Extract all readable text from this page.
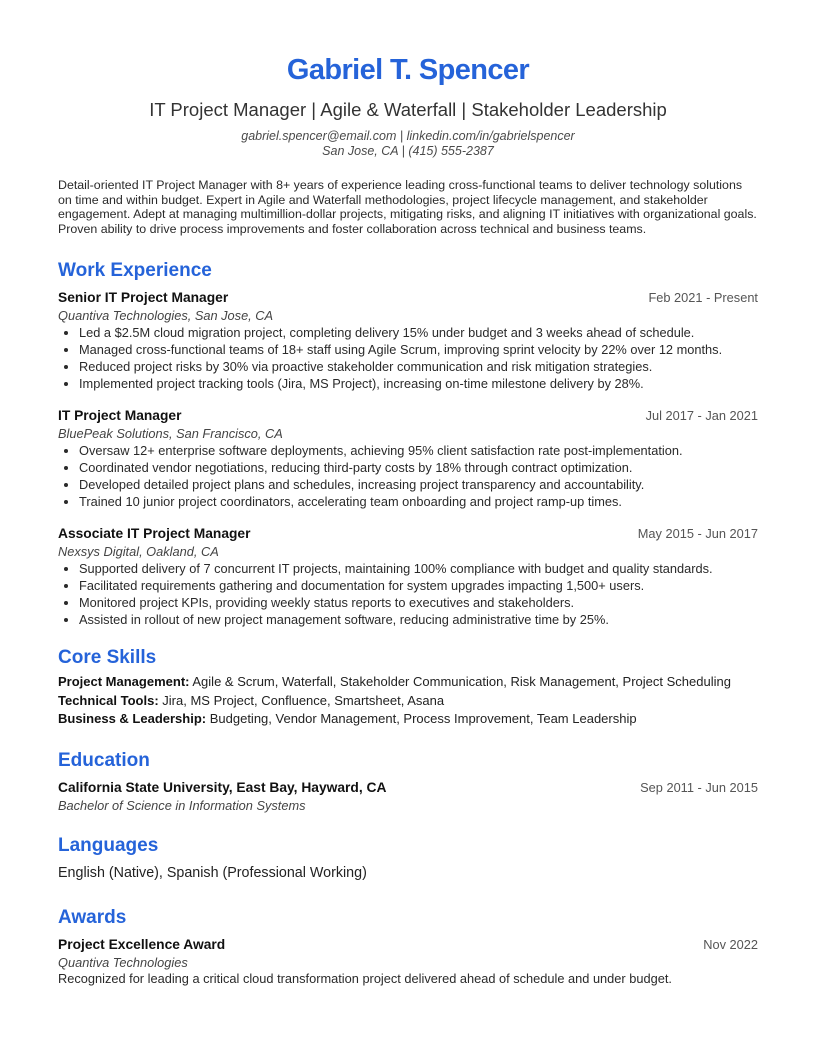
Gabriel T. Spencer
IT Project Manager | Agile & Waterfall | Stakeholder Leadership
gabriel.spencer@email.com | linkedin.com/in/gabrielspencer
San Jose, CA | (415) 555-2387
Detail-oriented IT Project Manager with 8+ years of experience leading cross-functional teams to deliver technology solutions on time and within budget. Expert in Agile and Waterfall methodologies, project lifecycle management, and stakeholder engagement. Adept at managing multimillion-dollar projects, mitigating risks, and aligning IT initiatives with organizational goals. Proven ability to drive process improvements and foster collaboration across technical and business teams.
Work Experience
Senior IT Project Manager	Feb 2021 - Present
Quantiva Technologies, San Jose, CA
• Led a $2.5M cloud migration project, completing delivery 15% under budget and 3 weeks ahead of schedule.
• Managed cross-functional teams of 18+ staff using Agile Scrum, improving sprint velocity by 22% over 12 months.
• Reduced project risks by 30% via proactive stakeholder communication and risk mitigation strategies.
• Implemented project tracking tools (Jira, MS Project), increasing on-time milestone delivery by 28%.
IT Project Manager	Jul 2017 - Jan 2021
BluePeak Solutions, San Francisco, CA
• Oversaw 12+ enterprise software deployments, achieving 95% client satisfaction rate post-implementation.
• Coordinated vendor negotiations, reducing third-party costs by 18% through contract optimization.
• Developed detailed project plans and schedules, increasing project transparency and accountability.
• Trained 10 junior project coordinators, accelerating team onboarding and project ramp-up times.
Associate IT Project Manager	May 2015 - Jun 2017
Nexsys Digital, Oakland, CA
• Supported delivery of 7 concurrent IT projects, maintaining 100% compliance with budget and quality standards.
• Facilitated requirements gathering and documentation for system upgrades impacting 1,500+ users.
• Monitored project KPIs, providing weekly status reports to executives and stakeholders.
• Assisted in rollout of new project management software, reducing administrative time by 25%.
Core Skills
Project Management: Agile & Scrum, Waterfall, Stakeholder Communication, Risk Management, Project Scheduling
Technical Tools: Jira, MS Project, Confluence, Smartsheet, Asana
Business & Leadership: Budgeting, Vendor Management, Process Improvement, Team Leadership
Education
California State University, East Bay, Hayward, CA	Sep 2011 - Jun 2015
Bachelor of Science in Information Systems
Languages
English (Native), Spanish (Professional Working)
Awards
Project Excellence Award	Nov 2022
Quantiva Technologies
Recognized for leading a critical cloud transformation project delivered ahead of schedule and under budget.
